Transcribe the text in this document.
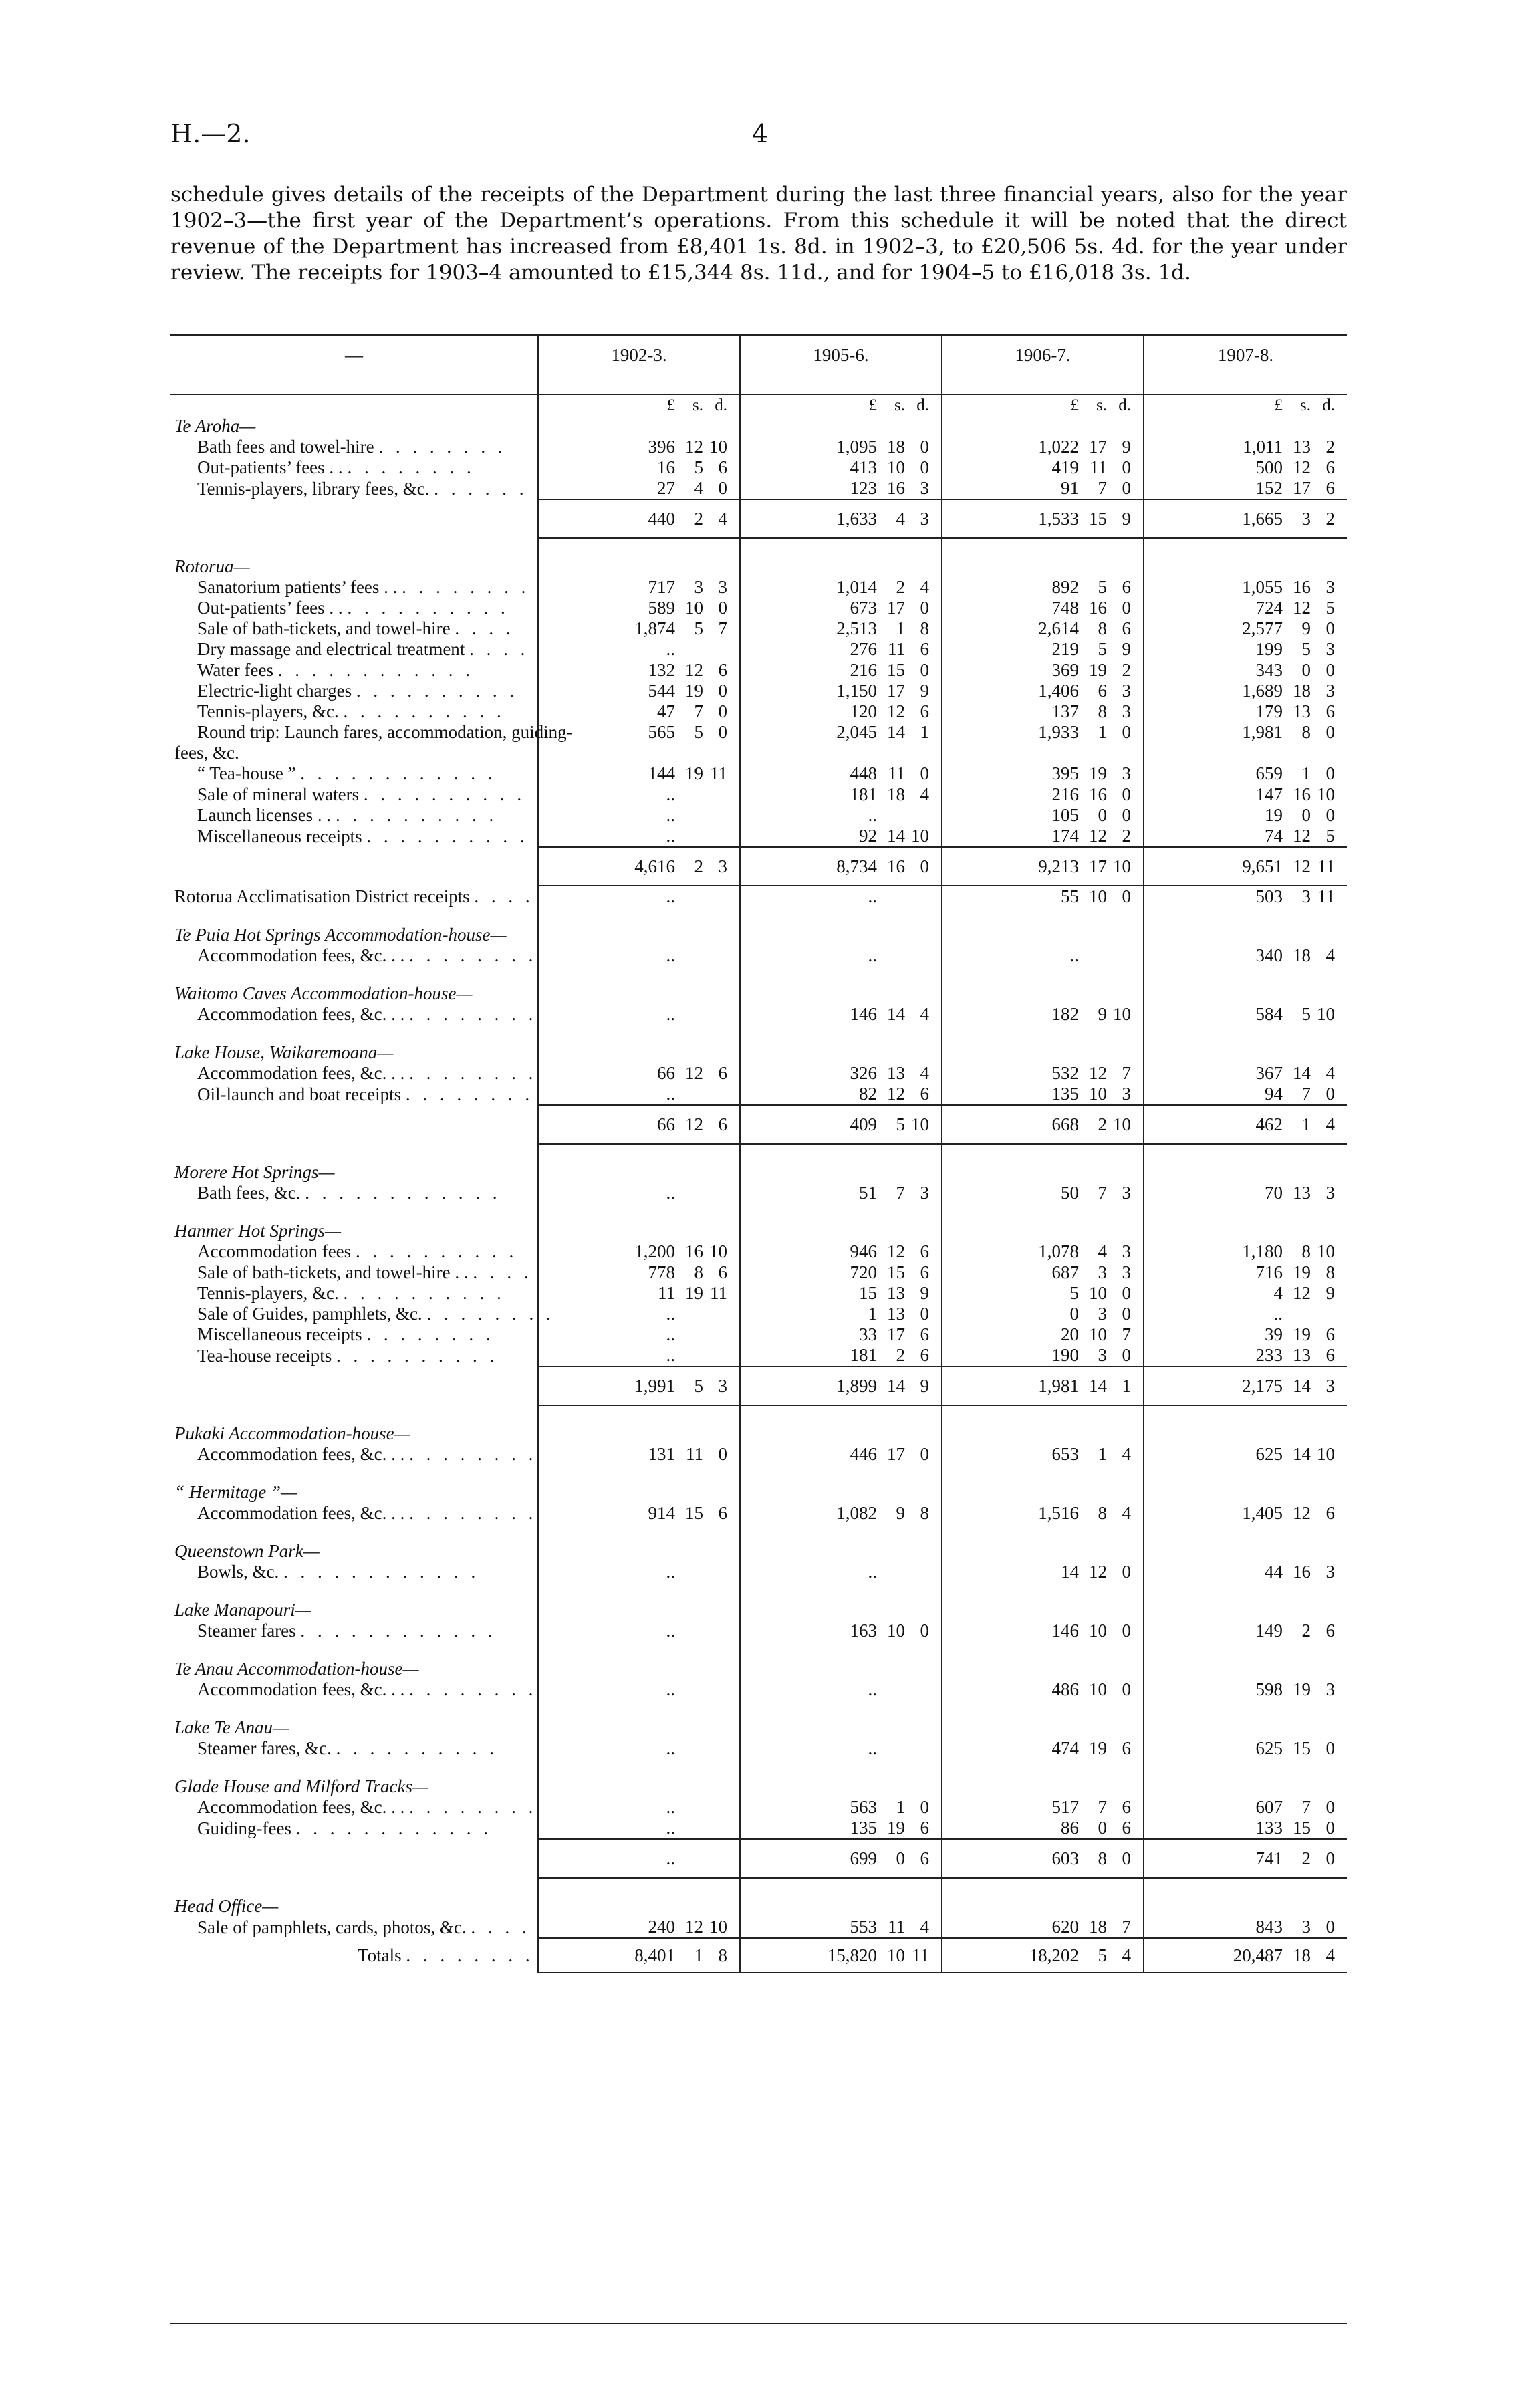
H.—2.	4

schedule gives details of the receipts of the Department during the last three financial years, also for the year 1902–3—the first year of the Department’s operations. From this schedule it will be noted that the direct revenue of the Department has increased from £8,401 1s. 8d. in 1902–3, to £20,506 5s. 4d. for the year under review. The receipts for 1903–4 amounted to £15,344 8s. 11d., and for 1904–5 to £16,018 3s. 1d.

—	1902-3.	1905-6.	1906-7.	1907-8.

	£ s. d.	£ s. d.	£ s. d.	£ s. d.

Te Aroha—				
Bath fees and towel-hire . . . . . . . .	396 12 10	1,095 18 0	1,022 17 9	1,011 13 2

Out-patients’ fees . . . . . . . . . .	16 5 6	413 10 0	419 11 0	500 12 6

Tennis-players, library fees, &c. . . . . . .	27 4 0	123 16 3	91 7 0	152 17 6

	440 2 4	1,633 4 3	1,533 15 9	1,665 3 2

Rotorua—				
Sanatorium patients’ fees . . . . . . . . . .	717 3 3	1,014 2 4	892 5 6	1,055 16 3

Out-patients’ fees . . . . . . . . . . . .	589 10 0	673 17 0	748 16 0	724 12 5

Sale of bath-tickets, and towel-hire . . . .	1,874 5 7	2,513 1 8	2,614 8 6	2,577 9 0

Dry massage and electrical treatment . . . .	..	276 11 6	219 5 9	199 5 3

Water fees . . . . . . . . . . . .	132 12 6	216 15 0	369 19 2	343 0 0

Electric-light charges . . . . . . . . . .	544 19 0	1,150 17 9	1,406 6 3	1,689 18 3

Tennis-players, &c. . . . . . . . . . .	47 7 0	120 12 6	137 8 3	179 13 6

Round trip: Launch fares, accommodation, guiding-	565 5 0	2,045 14 1	1,933 1 0	1,981 8 0

fees, &c.				
“ Tea-house ” . . . . . . . . . . . .	144 19 11	448 11 0	395 19 3	659 1 0

Sale of mineral waters . . . . . . . . . .	..	181 18 4	216 16 0	147 16 10

Launch licenses . . . . . . . . . . . .	..	..	105 0 0	19 0 0

Miscellaneous receipts . . . . . . . . . .	..	92 14 10	174 12 2	74 12 5

	4,616 2 3	8,734 16 0	9,213 17 10	9,651 12 11

Rotorua Acclimatisation District receipts . . . .	..	..	55 10 0	503 3 11

Te Puia Hot Springs Accommodation-house—				
Accommodation fees, &c. . . . . . . . . . .	..	..	..	340 18 4

Waitomo Caves Accommodation-house—				
Accommodation fees, &c. . . . . . . . . . .	..	146 14 4	182 9 10	584 5 10

Lake House, Waikaremoana—				
Accommodation fees, &c. . . . . . . . . . .	66 12 6	326 13 4	532 12 7	367 14 4

Oil-launch and boat receipts . . . . . . . .	..	82 12 6	135 10 3	94 7 0

	66 12 6	409 5 10	668 2 10	462 1 4

Morere Hot Springs—				
Bath fees, &c. . . . . . . . . . . . .	..	51 7 3	50 7 3	70 13 3

Hanmer Hot Springs—				
Accommodation fees . . . . . . . . . .	1,200 16 10	946 12 6	1,078 4 3	1,180 8 10

Sale of bath-tickets, and towel-hire . . . . . .	778 8 6	720 15 6	687 3 3	716 19 8

Tennis-players, &c. . . . . . . . . . .	11 19 11	15 13 9	5 10 0	4 12 9

Sale of Guides, pamphlets, &c. . . . . . . . .	..	1 13 0	0 3 0	..

Miscellaneous receipts . . . . . . . .	..	33 17 6	20 10 7	39 19 6

Tea-house receipts . . . . . . . . . .	..	181 2 6	190 3 0	233 13 6

	1,991 5 3	1,899 14 9	1,981 14 1	2,175 14 3

Pukaki Accommodation-house—				
Accommodation fees, &c. . . . . . . . . . .	131 11 0	446 17 0	653 1 4	625 14 10

“ Hermitage ”—				
Accommodation fees, &c. . . . . . . . . . .	914 15 6	1,082 9 8	1,516 8 4	1,405 12 6

Queenstown Park—				
Bowls, &c. . . . . . . . . . . . .	..	..	14 12 0	44 16 3

Lake Manapouri—				
Steamer fares . . . . . . . . . . . .	..	163 10 0	146 10 0	149 2 6

Te Anau Accommodation-house—				
Accommodation fees, &c. . . . . . . . . . .	..	..	486 10 0	598 19 3

Lake Te Anau—				
Steamer fares, &c. . . . . . . . . . .	..	..	474 19 6	625 15 0

Glade House and Milford Tracks—				
Accommodation fees, &c. . . . . . . . . . .	..	563 1 0	517 7 6	607 7 0

Guiding-fees . . . . . . . . . . . .	..	135 19 6	86 0 6	133 15 0

	..	699 0 6	603 8 0	741 2 0

Head Office—				
Sale of pamphlets, cards, photos, &c. . . . .	240 12 10	553 11 4	620 18 7	843 3 0

Totals . . . . . . . .	8,401 1 8	15,820 10 11	18,202 5 4	20,487 18 4
